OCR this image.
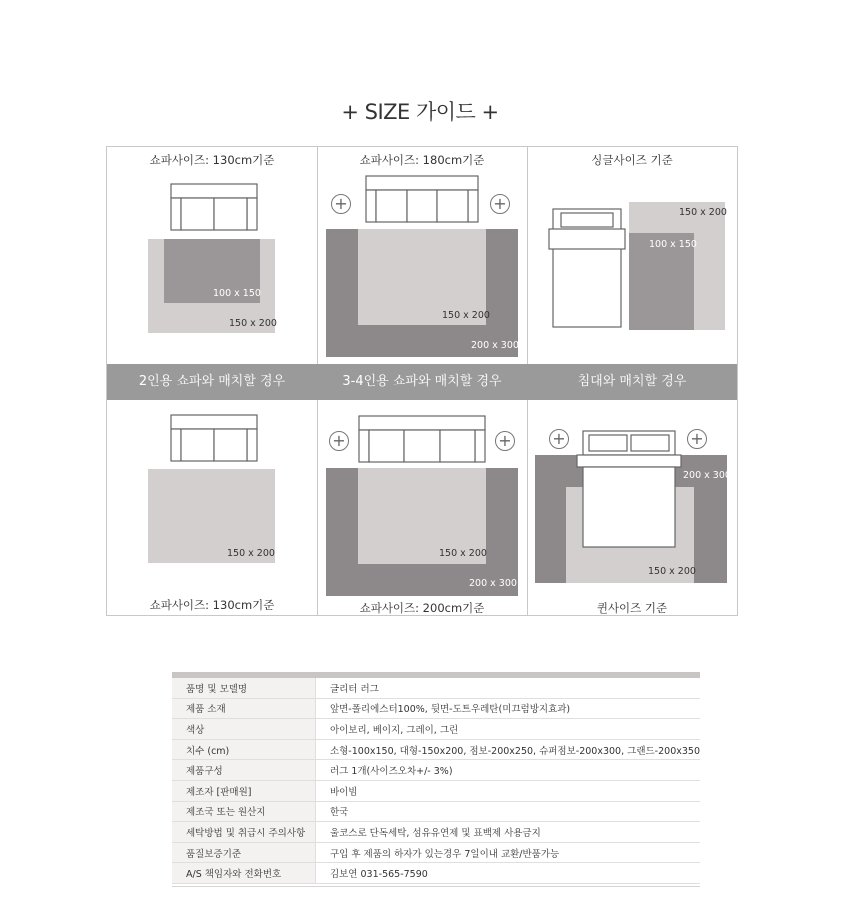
+ SIZE 가이드 +
쇼파사이즈: 130cm기준
100 x 150
150 x 200
쇼파사이즈: 180cm기준
150 x 200
200 x 300
+	+
싱글사이즈 기준
150 x 200
100 x 150
2인용 쇼파와 매치할 경우	3-4인용 쇼파와 매치할 경우	침대와 매치할 경우
150 x 200
쇼파사이즈: 130cm기준
150 x 200
200 x 300
+	+
쇼파사이즈: 200cm기준
200 x 300
150 x 200
+	+
퀸사이즈 기준
품명 및 모델명	글리터 러그
제품 소재	앞면-폴리에스터100%, 뒷면-도트우레탄(미끄럼방지효과)
색상	아이보리, 베이지, 그레이, 그린
치수 (cm)	소형-100x150, 대형-150x200, 점보-200x250, 슈퍼점보-200x300, 그랜드-200x350
제품구성	러그 1개(사이즈오차+/- 3%)
제조자 [판매원]	바이빔
제조국 또는 원산지	한국
세탁방법 및 취급시 주의사항	울코스로 단독세탁, 섬유유연제 및 표백제 사용금지
품질보증기준	구입 후 제품의 하자가 있는경우 7일이내 교환/반품가능
A/S 책임자와 전화번호	김보연 031-565-7590
